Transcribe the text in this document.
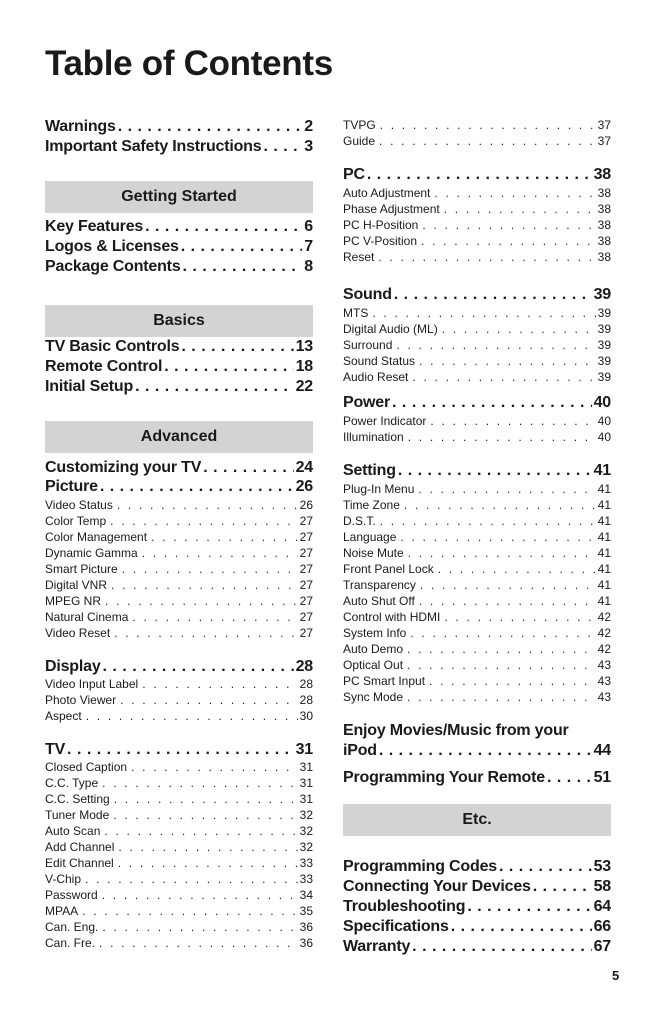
Table of Contents
Warnings . . .	2
Important Safety Instructions . . .	3
Getting Started
Key Features . . .	6
Logos & Licenses . . .	7
Package Contents . . .	8
Basics
TV Basic Controls . . .	13
Remote Control . . .	18
Initial Setup . . .	22
Advanced
Customizing your TV . . .	24
Picture . . .	26
Video Status . . .	26
Color Temp . . .	27
Color Management . . .	27
Dynamic Gamma . . .	27
Smart Picture . . .	27
Digital VNR . . .	27
MPEG NR . . .	27
Natural Cinema . . .	27
Video Reset . . .	27
Display . . .	28
Video Input Label . . .	28
Photo Viewer . . .	28
Aspect . . .	30
TV . . .	31
Closed Caption . . .	31
C.C. Type . . .	31
C.C. Setting . . .	31
Tuner Mode . . .	32
Auto Scan . . .	32
Add Channel . . .	32
Edit Channel . . .	33
V-Chip . . .	33
Password . . .	34
MPAA . . .	35
Can. Eng. . . .	36
Can. Fre. . . .	36
TVPG . . .	37
Guide . . .	37
PC . . .	38
Auto Adjustment . . .	38
Phase Adjustment . . .	38
PC H-Position . . .	38
PC V-Position . . .	38
Reset . . .	38
Sound . . .	39
MTS . . .	39
Digital Audio (ML) . . .	39
Surround . . .	39
Sound Status . . .	39
Audio Reset . . .	39
Power . . .	40
Power Indicator . . .	40
Illumination . . .	40
Setting . . .	41
Plug-In Menu . . .	41
Time Zone . . .	41
D.S.T. . . .	41
Language . . .	41
Noise Mute . . .	41
Front Panel Lock . . .	41
Transparency . . .	41
Auto Shut Off . . .	41
Control with HDMI . . .	42
System Info . . .	42
Auto Demo . . .	42
Optical Out . . .	43
PC Smart Input . . .	43
Sync Mode . . .	43
Enjoy Movies/Music from your
iPod . . .	44
Programming Your Remote . . .	51
Etc.
Programming Codes . . .	53
Connecting Your Devices . . .	58
Troubleshooting . . .	64
Specifications . . .	66
Warranty . . .	67
5
